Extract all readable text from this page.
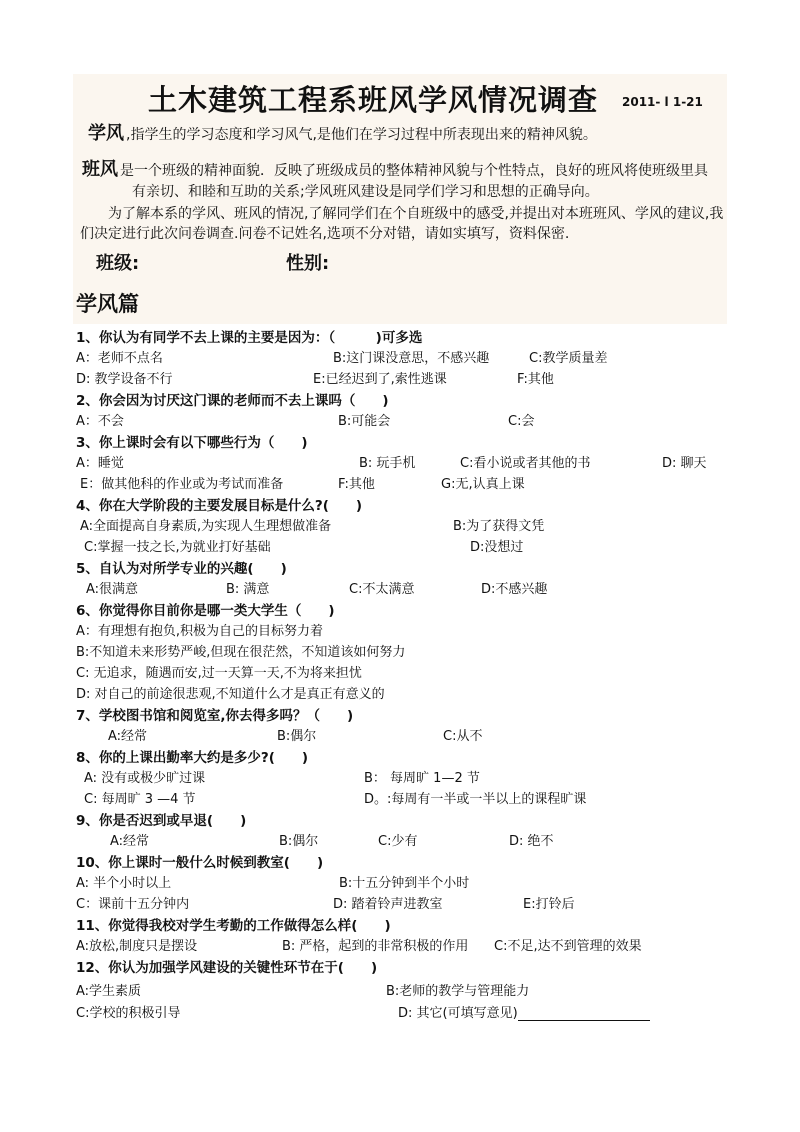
土木建筑工程系班风学风情况调查 2011- l 1-21
学风 ,指学生的学习态度和学习风气,是他们在学习过程中所表现出来的精神风貌。
班风 是一个班级的精神面貌．反映了班级成员的整体精神风貌与个性特点，良好的班风将使班级里具
有亲切、和睦和互助的关系;学风班风建设是同学们学习和思想的正确导向。
为了解本系的学风、班风的情况,了解同学们在个自班级中的感受,并提出对本班班风、学风的建议,我
们决定进行此次问卷调查.问卷不记姓名,选项不分对错，请如实填写，资料保密.
班级:	性别:
学风篇
1、你认为有同学不去上课的主要是因为：（　　　)可多选
A：老师不点名	B:这门课没意思，不感兴趣	C:教学质量差
D: 教学设备不行	E:已经迟到了,索性逃课	F:其他
2、你会因为讨厌这门课的老师而不去上课吗（　　)
A：不会	B:可能会	C:会
3、你上课时会有以下哪些行为（　　)
A：睡觉	B: 玩手机	C:看小说或者其他的书	D: 聊天
E：做其他科的作业或为考试而准备	F:其他	G:无,认真上课
4、你在大学阶段的主要发展目标是什么?(　　)
A:全面提高自身素质,为实现人生理想做准备	B:为了获得文凭
C:掌握一技之长,为就业打好基础	D:没想过
5、自认为对所学专业的兴趣(　　)
A:很满意	B: 满意	C:不太满意	D:不感兴趣
6、你觉得你目前你是哪一类大学生（　　)
A：有理想有抱负,积极为自己的目标努力着
B:不知道未来形势严峻,但现在很茫然，不知道该如何努力
C: 无追求，随遇而安,过一天算一天,不为将来担忧
D: 对自己的前途很悲观,不知道什么才是真正有意义的
7、学校图书馆和阅览室,你去得多吗？（　　)
A:经常	B:偶尔	C:从不
8、你的上课出勤率大约是多少?(　　)
A: 没有或极少旷过课	B： 每周旷 1—2 节
C: 每周旷 3 —4 节	D。:每周有一半或一半以上的课程旷课
9、你是否迟到或早退(　　)
A:经常	B:偶尔	C:少有	D: 绝不
10、你上课时一般什么时候到教室(　　)
A: 半个小时以上	B:十五分钟到半个小时
C：课前十五分钟内	D: 踏着铃声进教室	E:打铃后
11、你觉得我校对学生考勤的工作做得怎么样(　　)
A:放松,制度只是摆设	B: 严格，起到的非常积极的作用 C:不足,达不到管理的效果
12、你认为加强学风建设的关键性环节在于(　　)
A:学生素质	B:老师的教学与管理能力
C:学校的积极引导	D: 其它(可填写意见)
